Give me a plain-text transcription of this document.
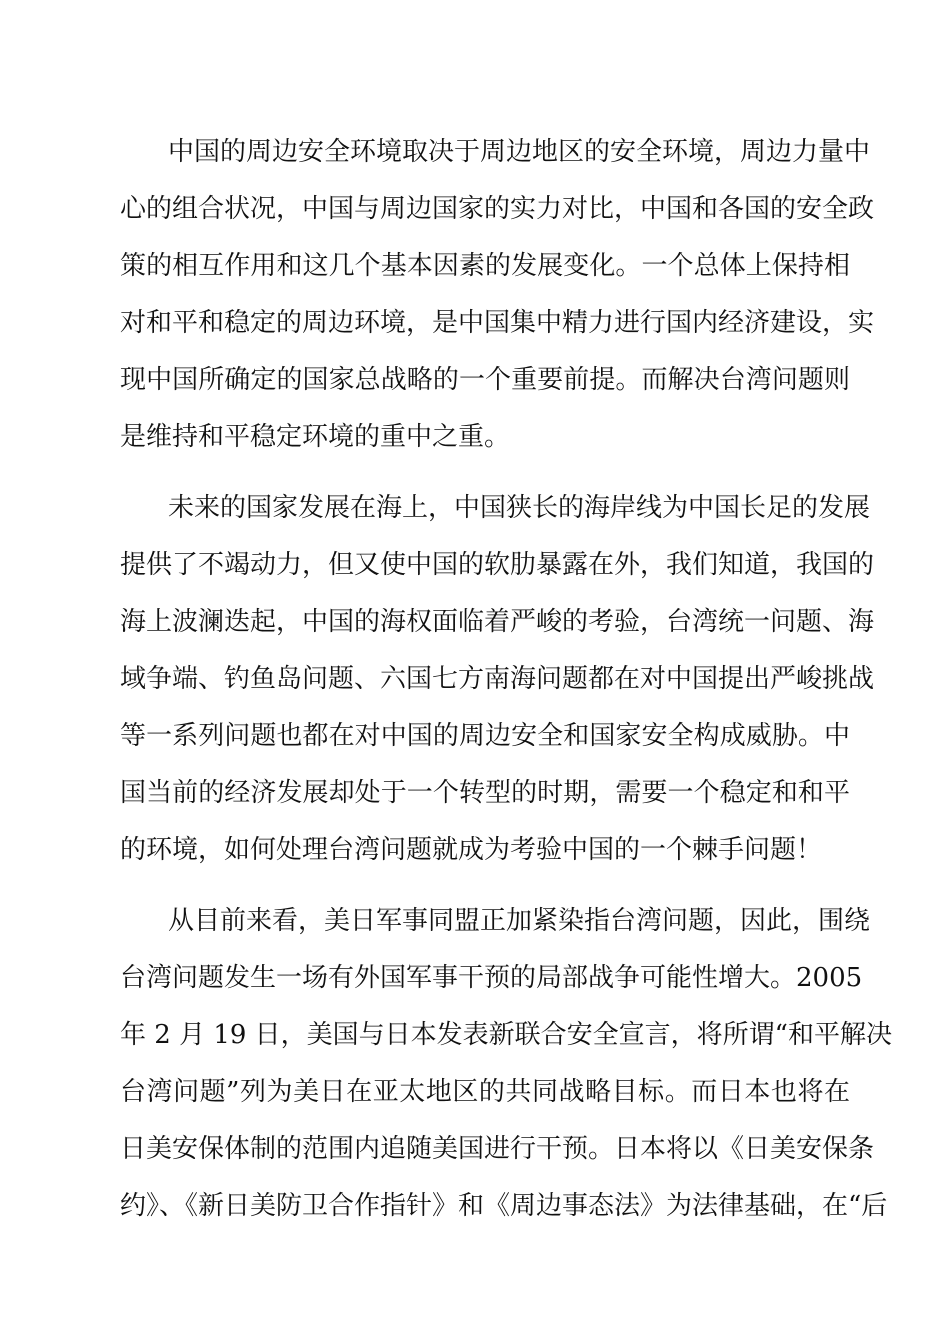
中国的周边安全环境取决于周边地区的安全环境，周边力量中
心的组合状况，中国与周边国家的实力对比，中国和各国的安全政
策的相互作用和这几个基本因素的发展变化。一个总体上保持相
对和平和稳定的周边环境，是中国集中精力进行国内经济建设，实
现中国所确定的国家总战略的一个重要前提。而解决台湾问题则
是维持和平稳定环境的重中之重。
未来的国家发展在海上，中国狭长的海岸线为中国长足的发展
提供了不竭动力，但又使中国的软肋暴露在外，我们知道，我国的
海上波澜迭起，中国的海权面临着严峻的考验，台湾统一问题、海
域争端、钓鱼岛问题、六国七方南海问题都在对中国提出严峻挑战
等一系列问题也都在对中国的周边安全和国家安全构成威胁。中
国当前的经济发展却处于一个转型的时期，需要一个稳定和和平
的环境，如何处理台湾问题就成为考验中国的一个棘手问题！
从目前来看，美日军事同盟正加紧染指台湾问题，因此，围绕
台湾问题发生一场有外国军事干预的局部战争可能性增大。2005
年 2 月 19 日，美国与日本发表新联合安全宣言，将所谓“和平解决
台湾问题”列为美日在亚太地区的共同战略目标。而日本也将在
日美安保体制的范围内追随美国进行干预。日本将以《日美安保条
约》、《新日美防卫合作指针》和《周边事态法》为法律基础，在“后
